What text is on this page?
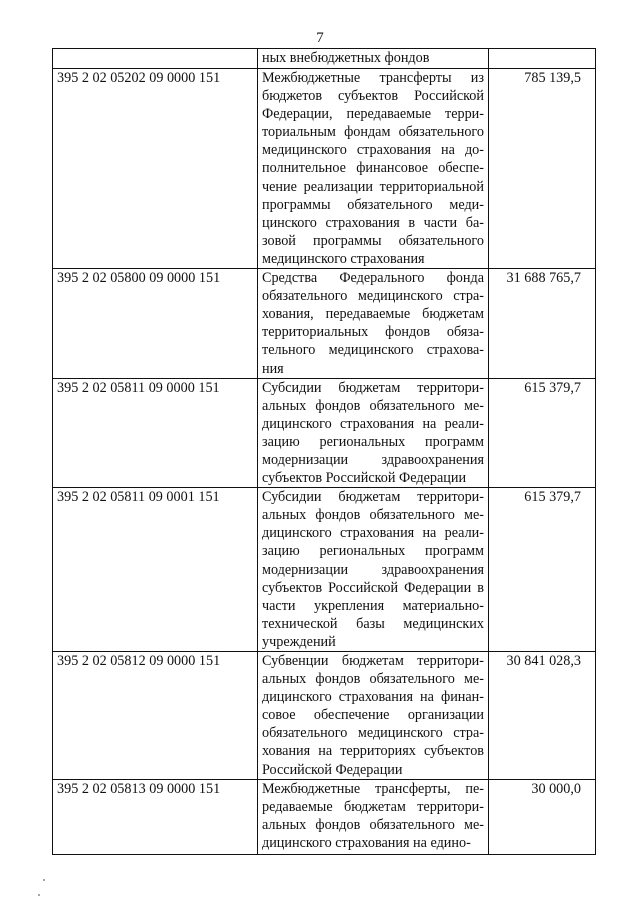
7

	ных внебюджетных фондов	

395 2 02 05202 09 0000 151	Межбюджетные трансферты из бюджетов субъектов Российской Федерации, передаваемые терри-ториальным фондам обязательного медицинского страхования на до-полнительное финансовое обеспе-чение реализации территориальной программы обязательного меди-цинского страхования в части ба-зовой программы обязательного медицинского страхования	785 139,5
395 2 02 05800 09 0000 151	Средства Федерального фонда обязательного медицинского стра-хования, передаваемые бюджетам территориальных фондов обяза-тельного медицинского страхова-ния	31 688 765,7
395 2 02 05811 09 0000 151	Субсидии бюджетам территори-альных фондов обязательного ме-дицинского страхования на реали-зацию региональных программ модернизации здравоохранения субъектов Российской Федерации	615 379,7
395 2 02 05811 09 0001 151	Субсидии бюджетам территори-альных фондов обязательного ме-дицинского страхования на реали-зацию региональных программ модернизации здравоохранения субъектов Российской Федерации в части укрепления материально-технической базы медицинских учреждений	615 379,7
395 2 02 05812 09 0000 151	Субвенции бюджетам территори-альных фондов обязательного ме-дицинского страхования на финан-совое обеспечение организации обязательного медицинского стра-хования на территориях субъектов Российской Федерации	30 841 028,3
395 2 02 05813 09 0000 151	Межбюджетные трансферты, пе-редаваемые бюджетам территори-альных фондов обязательного ме-дицинского страхования на едино-	30 000,0
